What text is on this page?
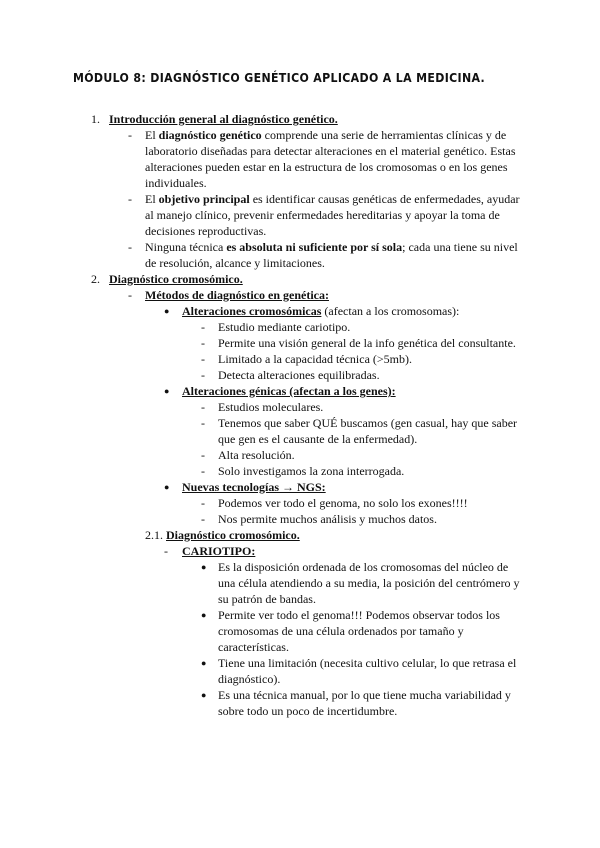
MÓDULO 8: DIAGNÓSTICO GENÉTICO APLICADO A LA MEDICINA.
1. Introducción general al diagnóstico genético.
- El diagnóstico genético comprende una serie de herramientas clínicas y de
laboratorio diseñadas para detectar alteraciones en el material genético. Estas
alteraciones pueden estar en la estructura de los cromosomas o en los genes
individuales.
- El objetivo principal es identificar causas genéticas de enfermedades, ayudar
al manejo clínico, prevenir enfermedades hereditarias y apoyar la toma de
decisiones reproductivas.
- Ninguna técnica es absoluta ni suficiente por sí sola; cada una tiene su nivel
de resolución, alcance y limitaciones.
2. Diagnóstico cromosómico.
- Métodos de diagnóstico en genética:
● Alteraciones cromosómicas (afectan a los cromosomas):
- Estudio mediante cariotipo.
- Permite una visión general de la info genética del consultante.
- Limitado a la capacidad técnica (>5mb).
- Detecta alteraciones equilibradas.
● Alteraciones génicas (afectan a los genes):
- Estudios moleculares.
- Tenemos que saber QUÉ buscamos (gen casual, hay que saber
que gen es el causante de la enfermedad).
- Alta resolución.
- Solo investigamos la zona interrogada.
● Nuevas tecnologías → NGS:
- Podemos ver todo el genoma, no solo los exones!!!!
- Nos permite muchos análisis y muchos datos.
2.1. Diagnóstico cromosómico.
- CARIOTIPO:
● Es la disposición ordenada de los cromosomas del núcleo de
una célula atendiendo a su media, la posición del centrómero y
su patrón de bandas.
● Permite ver todo el genoma!!! Podemos observar todos los
cromosomas de una célula ordenados por tamaño y
características.
● Tiene una limitación (necesita cultivo celular, lo que retrasa el
diagnóstico).
● Es una técnica manual, por lo que tiene mucha variabilidad y
sobre todo un poco de incertidumbre.
